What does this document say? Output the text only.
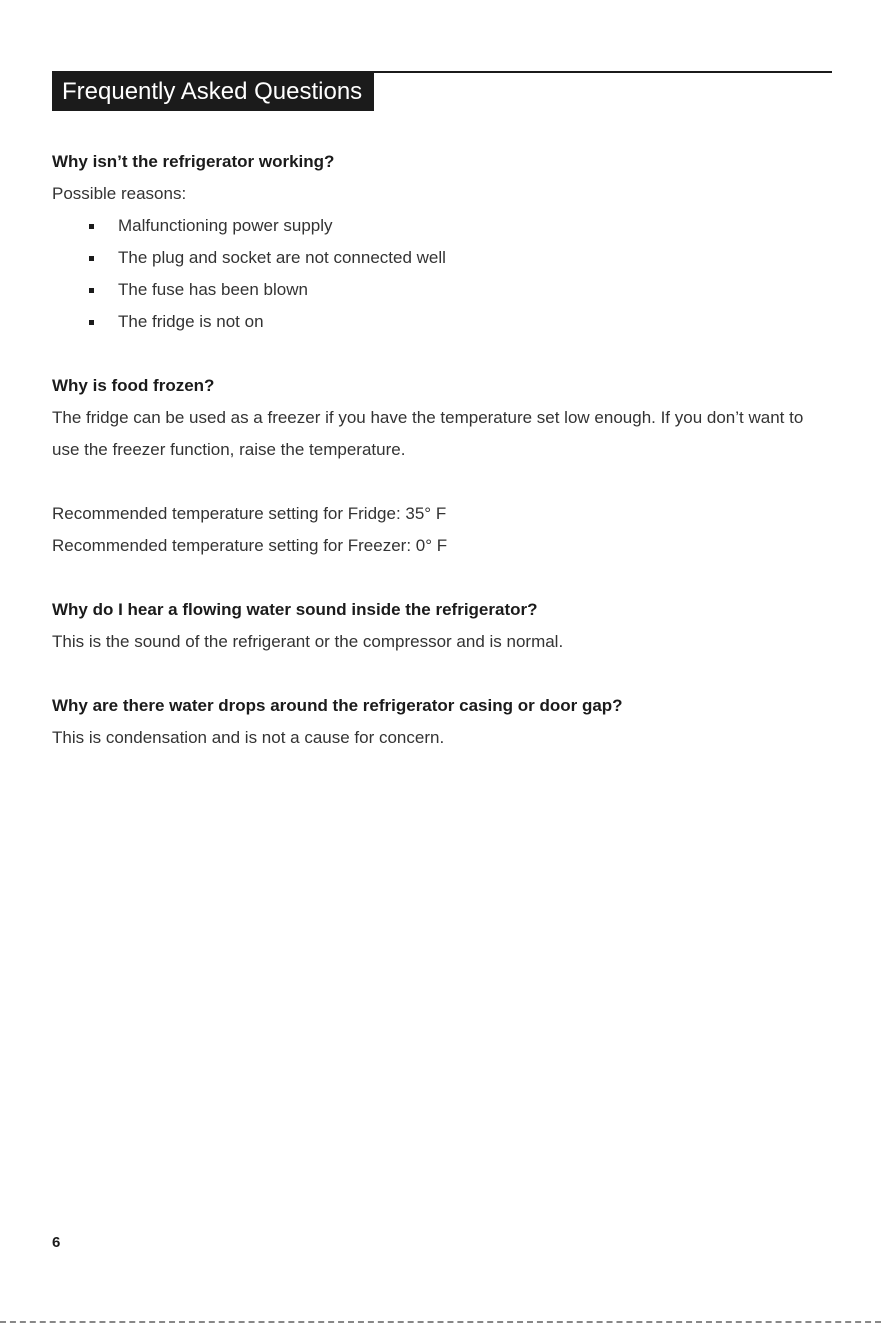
Frequently Asked Questions

Why isn’t the refrigerator working?

Possible reasons:

Malfunctioning power supply
The plug and socket are not connected well
The fuse has been blown
The fridge is not on

Why is food frozen?

The fridge can be used as a freezer if you have the temperature set low enough. If you don’t want to use the freezer function, raise the temperature.

Recommended temperature setting for Fridge: 35° F

Recommended temperature setting for Freezer: 0° F

Why do I hear a flowing water sound inside the refrigerator?

This is the sound of the refrigerant or the compressor and is normal.

Why are there water drops around the refrigerator casing or door gap?

This is condensation and is not a cause for concern.

6
